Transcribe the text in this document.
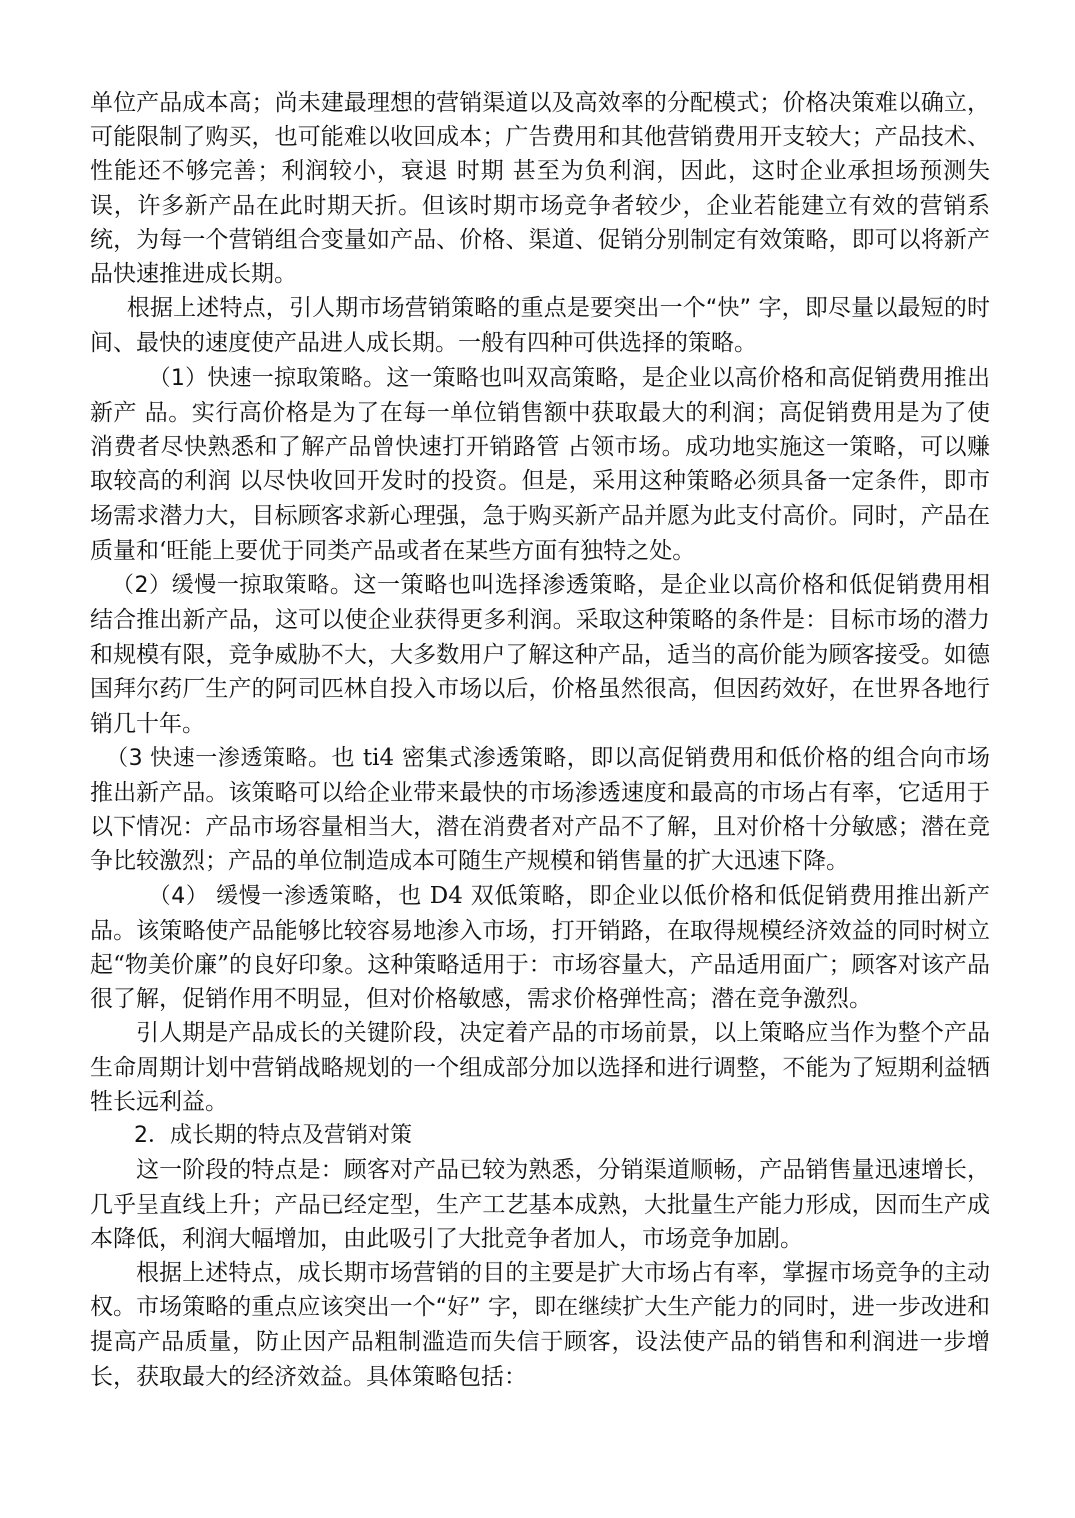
单位产品成本高；尚未建最理想的营销渠道以及高效率的分配模式；价格决策难以确立，可能限制了购买，也可能难以收回成本；广告费用和其他营销费用开支较大；产品技术、性能还不够完善；利润较小，衰退 时期 甚至为负利润，因此，这时企业承担场预测失误，许多新产品在此时期天折。但该时期市场竞争者较少，企业若能建立有效的营销系统，为每一个营销组合变量如产品、价格、渠道、促销分别制定有效策略，即可以将新产品快速推进成长期。

根据上述特点，引人期市场营销策略的重点是要突出一个“快” 字，即尽量以最短的时间、最快的速度使产品进人成长期。一般有四种可供选择的策略。

（1）快速一掠取策略。这一策略也叫双高策略，是企业以高价格和高促销费用推出新产 品。实行高价格是为了在每一单位销售额中获取最大的利润；高促销费用是为了使消费者尽快熟悉和了解产品曾快速打开销路管 占领市场。成功地实施这一策略，可以赚取较高的利润 以尽快收回开发时的投资。但是，采用这种策略必须具备一定条件，即市场需求潜力大，目标顾客求新心理强，急于购买新产品并愿为此支付高价。同时，产品在质量和‘旺能上要优于同类产品或者在某些方面有独特之处。

（2）缓慢一掠取策略。这一策略也叫选择渗透策略，是企业以高价格和低促销费用相结合推出新产品，这可以使企业获得更多利润。采取这种策略的条件是：目标市场的潜力和规模有限，竞争威胁不大，大多数用户了解这种产品，适当的高价能为顾客接受。如德国拜尔药厂生产的阿司匹林自投入市场以后，价格虽然很高，但因药效好，在世界各地行销几十年。

（3 快速一渗透策略。也 ti4 密集式渗透策略，即以高促销费用和低价格的组合向市场推出新产品。该策略可以给企业带来最快的市场渗透速度和最高的市场占有率，它适用于以下情况：产品市场容量相当大，潜在消费者对产品不了解，且对价格十分敏感；潜在竞争比较激烈；产品的单位制造成本可随生产规模和销售量的扩大迅速下降。

（4） 缓慢一渗透策略，也 D4 双低策略，即企业以低价格和低促销费用推出新产品。该策略使产品能够比较容易地渗入市场，打开销路，在取得规模经济效益的同时树立起“物美价廉”的良好印象。这种策略适用于：市场容量大，产品适用面广；顾客对该产品很了解，促销作用不明显，但对价格敏感，需求价格弹性高；潜在竞争激烈。

引人期是产品成长的关键阶段，决定着产品的市场前景，以上策略应当作为整个产品生命周期计划中营销战略规划的一个组成部分加以选择和进行调整，不能为了短期利益牺牲长远利益。

2．成长期的特点及营销对策

这一阶段的特点是：顾客对产品已较为熟悉，分销渠道顺畅，产品销售量迅速增长，几乎呈直线上升；产品已经定型，生产工艺基本成熟，大批量生产能力形成，因而生产成本降低，利润大幅增加，由此吸引了大批竞争者加人，市场竞争加剧。

根据上述特点，成长期市场营销的目的主要是扩大市场占有率，掌握市场竞争的主动权。市场策略的重点应该突出一个“好” 字，即在继续扩大生产能力的同时，进一步改进和提高产品质量，防止因产品粗制滥造而失信于顾客，设法使产品的销售和利润进一步增长，获取最大的经济效益。具体策略包括：
